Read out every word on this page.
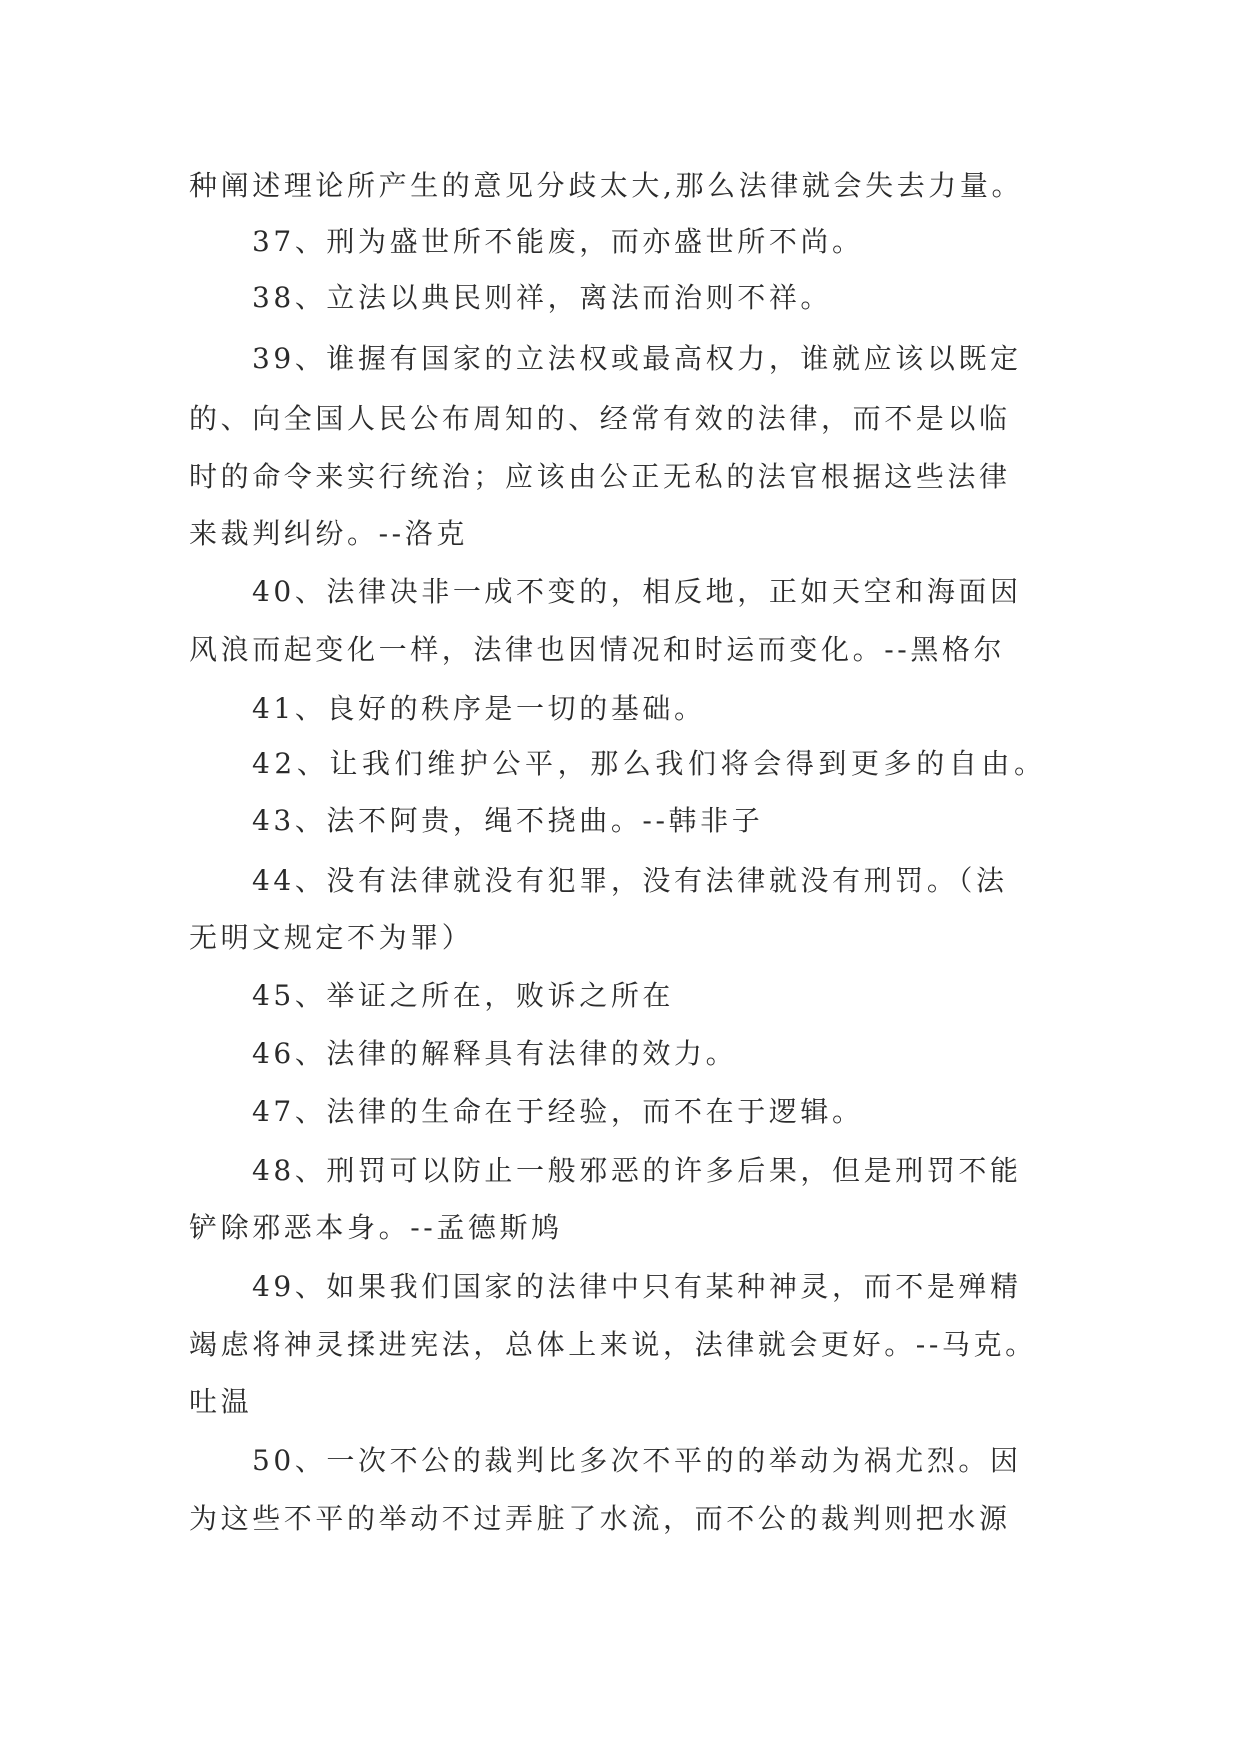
种阐述理论所产生的意见分歧太大,那么法律就会失去力量。
37、刑为盛世所不能废，而亦盛世所不尚。
38、立法以典民则祥，离法而治则不祥。
39、谁握有国家的立法权或最高权力，谁就应该以既定
的、向全国人民公布周知的、经常有效的法律，而不是以临
时的命令来实行统治；应该由公正无私的法官根据这些法律
来裁判纠纷。--洛克
40、法律决非一成不变的，相反地，正如天空和海面因
风浪而起变化一样，法律也因情况和时运而变化。--黑格尔
41、良好的秩序是一切的基础。
42、让我们维护公平，那么我们将会得到更多的自由。
43、法不阿贵，绳不挠曲。--韩非子
44、没有法律就没有犯罪，没有法律就没有刑罚。（法
无明文规定不为罪）
45、举证之所在，败诉之所在
46、法律的解释具有法律的效力。
47、法律的生命在于经验，而不在于逻辑。
48、刑罚可以防止一般邪恶的许多后果，但是刑罚不能
铲除邪恶本身。--孟德斯鸠
49、如果我们国家的法律中只有某种神灵，而不是殚精
竭虑将神灵揉进宪法，总体上来说，法律就会更好。--马克。
吐温
50、一次不公的裁判比多次不平的的举动为祸尤烈。因
为这些不平的举动不过弄脏了水流，而不公的裁判则把水源
